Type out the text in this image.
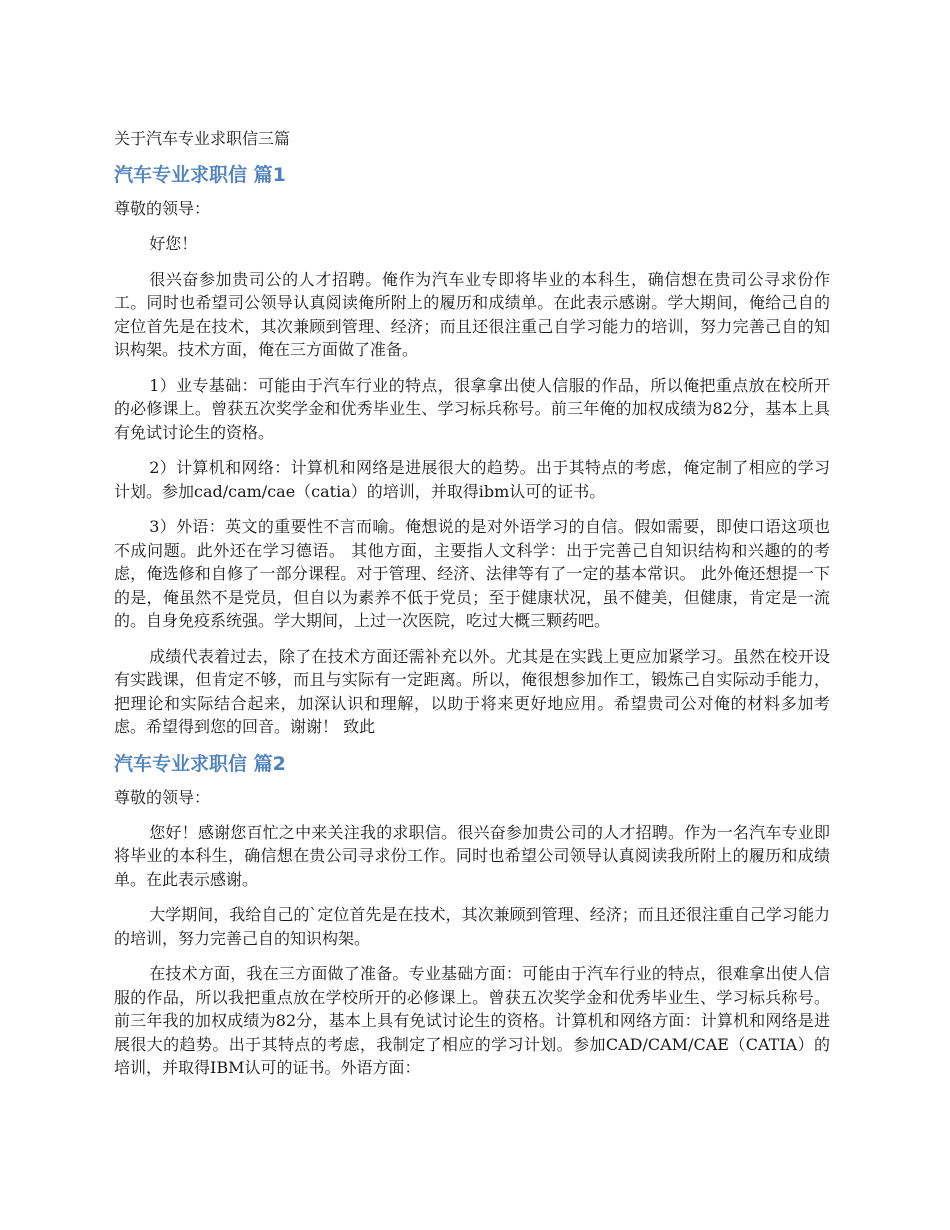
关于汽车专业求职信三篇
汽车专业求职信 篇1
尊敬的领导：

好您！

很兴奋参加贵司公的人才招聘。俺作为汽车业专即将毕业的本科生，确信想在贵司公寻求份作工。同时也希望司公领导认真阅读俺所附上的履历和成绩单。在此表示感谢。学大期间，俺给己自的定位首先是在技术，其次兼顾到管理、经济；而且还很注重己自学习能力的培训，努力完善己自的知识构架。技术方面，俺在三方面做了准备。

1）业专基础：可能由于汽车行业的特点，很拿拿出使人信服的作品，所以俺把重点放在校所开的必修课上。曾获五次奖学金和优秀毕业生、学习标兵称号。前三年俺的加权成绩为82分，基本上具有免试讨论生的资格。

2）计算机和网络：计算机和网络是进展很大的趋势。出于其特点的考虑，俺定制了相应的学习计划。参加cad/cam/cae（catia）的培训，并取得ibm认可的证书。

3）外语：英文的重要性不言而喻。俺想说的是对外语学习的自信。假如需要，即使口语这项也不成问题。此外还在学习德语。 其他方面，主要指人文科学：出于完善己自知识结构和兴趣的的考虑，俺选修和自修了一部分课程。对于管理、经济、法律等有了一定的基本常识。 此外俺还想提一下的是，俺虽然不是党员，但自以为素养不低于党员；至于健康状况，虽不健美，但健康，肯定是一流的。自身免疫系统强。学大期间，上过一次医院，吃过大概三颗药吧。

成绩代表着过去，除了在技术方面还需补充以外。尤其是在实践上更应加紧学习。虽然在校开设有实践课，但肯定不够，而且与实际有一定距离。所以，俺很想参加作工，锻炼己自实际动手能力， 把理论和实际结合起来，加深认识和理解，以助于将来更好地应用。希望贵司公对俺的材料多加考虑。希望得到您的回音。谢谢！ 致此

汽车专业求职信 篇2
尊敬的领导：

您好！感谢您百忙之中来关注我的求职信。很兴奋参加贵公司的人才招聘。作为一名汽车专业即将毕业的本科生，确信想在贵公司寻求份工作。同时也希望公司领导认真阅读我所附上的履历和成绩单。在此表示感谢。

大学期间，我给自己的`定位首先是在技术，其次兼顾到管理、经济；而且还很注重自己学习能力的培训，努力完善己自的知识构架。

在技术方面，我在三方面做了准备。专业基础方面：可能由于汽车行业的特点，很难拿出使人信服的作品，所以我把重点放在学校所开的必修课上。曾获五次奖学金和优秀毕业生、学习标兵称号。前三年我的加权成绩为82分，基本上具有免试讨论生的资格。计算机和网络方面：计算机和网络是进展很大的趋势。出于其特点的考虑，我制定了相应的学习计划。参加CAD/CAM/CAE（CATIA）的培训，并取得IBM认可的证书。外语方面：
